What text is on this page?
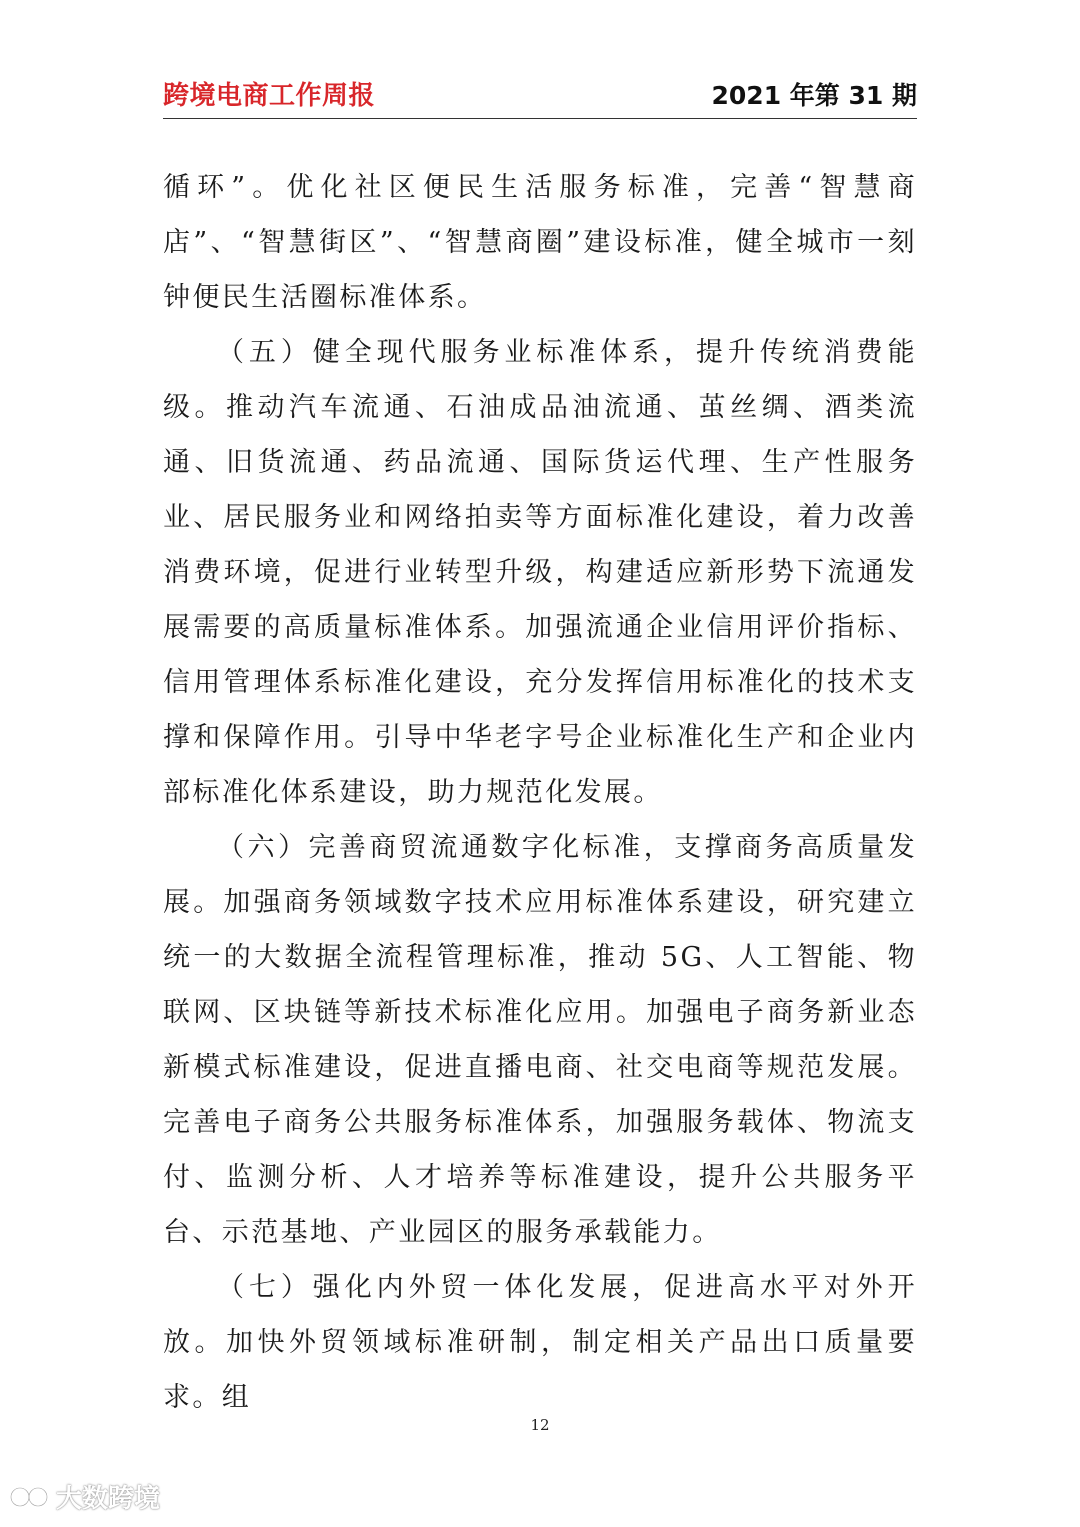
跨境电商工作周报	2021 年第 31 期

循环”。优化社区便民生活服务标准，完善“智慧商店”、“智慧街区”、“智慧商圈”建设标准，健全城市一刻钟便民生活圈标准体系。

（五）健全现代服务业标准体系，提升传统消费能级。推动汽车流通、石油成品油流通、茧丝绸、酒类流通、旧货流通、药品流通、国际货运代理、生产性服务业、居民服务业和网络拍卖等方面标准化建设，着力改善消费环境，促进行业转型升级，构建适应新形势下流通发展需要的高质量标准体系。加强流通企业信用评价指标、信用管理体系标准化建设，充分发挥信用标准化的技术支撑和保障作用。引导中华老字号企业标准化生产和企业内部标准化体系建设，助力规范化发展。

（六）完善商贸流通数字化标准，支撑商务高质量发展。加强商务领域数字技术应用标准体系建设，研究建立统一的大数据全流程管理标准，推动 5G、人工智能、物联网、区块链等新技术标准化应用。加强电子商务新业态新模式标准建设，促进直播电商、社交电商等规范发展。完善电子商务公共服务标准体系，加强服务载体、物流支付、监测分析、人才培养等标准建设，提升公共服务平台、示范基地、产业园区的服务承载能力。

（七）强化内外贸一体化发展，促进高水平对外开放。加快外贸领域标准研制，制定相关产品出口质量要求。组

12
大数跨境
